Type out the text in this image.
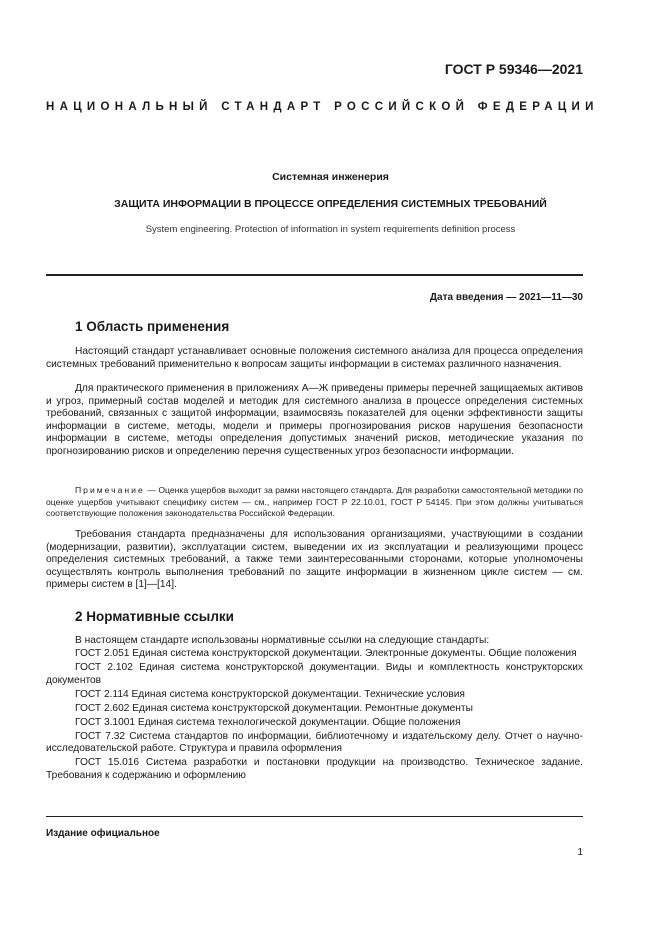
ГОСТ Р 59346—2021
НАЦИОНАЛЬНЫЙ СТАНДАРТ РОССИЙСКОЙ ФЕДЕРАЦИИ
Системная инженерия
ЗАЩИТА ИНФОРМАЦИИ В ПРОЦЕССЕ ОПРЕДЕЛЕНИЯ СИСТЕМНЫХ ТРЕБОВАНИЙ
System engineering. Protection of information in system requirements definition process
Дата введения — 2021—11—30
1 Область применения

Настоящий стандарт устанавливает основные положения системного анализа для процесса определения системных требований применительно к вопросам защиты информации в системах различного назначения.

Для практического применения в приложениях А—Ж приведены примеры перечней защищаемых активов и угроз, примерный состав моделей и методик для системного анализа в процессе определения системных требований, связанных с защитой информации, взаимосвязь показателей для оценки эффективности защиты информации в системе, методы, модели и примеры прогнозирования рисков нарушения безопасности информации в системе, методы определения допустимых значений рисков, методические указания по прогнозированию рисков и определению перечня существенных угроз безопасности информации.

Примечание — Оценка ущербов выходит за рамки настоящего стандарта. Для разработки самостоятельной методики по оценке ущербов учитывают специфику систем — см., например ГОСТ Р 22.10.01, ГОСТ Р 54145. При этом должны учитываться соответствующие положения законодательства Российской Федерации.

Требования стандарта предназначены для использования организациями, участвующими в создании (модернизации, развитии), эксплуатации систем, выведении их из эксплуатации и реализующими процесс определения системных требований, а также теми заинтересованными сторонами, которые уполномочены осуществлять контроль выполнения требований по защите информации в жизненном цикле систем — см. примеры систем в [1]—[14].

2 Нормативные ссылки
В настоящем стандарте использованы нормативные ссылки на следующие стандарты:
ГОСТ 2.051 Единая система конструкторской документации. Электронные документы. Общие положения
ГОСТ 2.102 Единая система конструкторской документации. Виды и комплектность конструкторских документов
ГОСТ 2.114 Единая система конструкторской документации. Технические условия
ГОСТ 2.602 Единая система конструкторской документации. Ремонтные документы
ГОСТ 3.1001 Единая система технологической документации. Общие положения
ГОСТ 7.32 Система стандартов по информации, библиотечному и издательскому делу. Отчет о научно-исследовательской работе. Структура и правила оформления
ГОСТ 15.016 Система разработки и постановки продукции на производство. Техническое задание. Требования к содержанию и оформлению
Издание официальное
1
